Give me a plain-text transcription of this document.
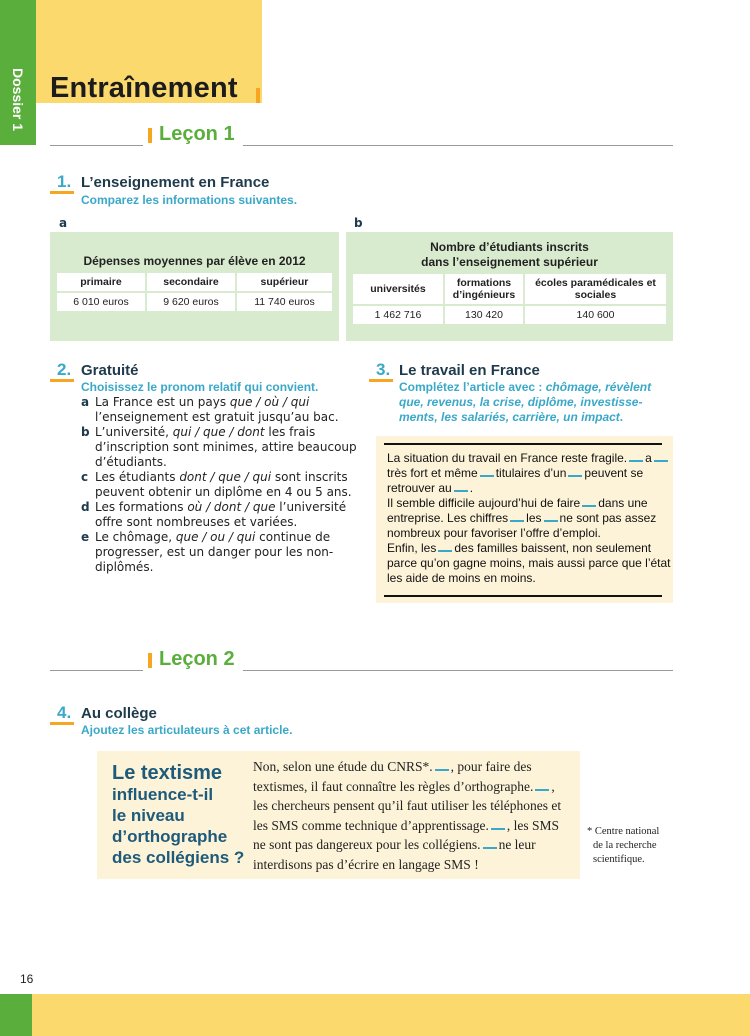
Dossier 1 Entraînement
Leçon 1
1. L’enseignement en France
Comparez les informations suivantes.
a	b
Dépenses moyennes par élève en 2012
primaire	secondaire	supérieur
6 010 euros	9 620 euros	11 740 euros
Nombre d’étudiants inscrits
dans l’enseignement supérieur
universités	formations d’ingénieurs	écoles paramédicales et sociales
1 462 716	130 420	140 600
2. Gratuité
Choisissez le pronom relatif qui convient.
a La France est un pays que / où / qui
l’enseignement est gratuit jusqu’au bac.
b L’université, qui / que / dont les frais
d’inscription sont minimes, attire beaucoup
d’étudiants.
c Les étudiants dont / que / qui sont inscrits
peuvent obtenir un diplôme en 4 ou 5 ans.
d Les formations où / dont / que l’université
offre sont nombreuses et variées.
e Le chômage, que / ou / qui continue de
progresser, est un danger pour les non-
diplômés.
3. Le travail en France
Complétez l’article avec : chômage, révèlent
que, revenus, la crise, diplôme, investisse-
ments, les salariés, carrière, un impact.
La situation du travail en France reste fragile. a
très fort et même titulaires d’un peuvent se
retrouver au .
Il semble difficile aujourd’hui de faire dans une
entreprise. Les chiffres les ne sont pas assez
nombreux pour favoriser l’offre d’emploi.
Enfin, les des familles baissent, non seulement
parce qu’on gagne moins, mais aussi parce que l’état
les aide de moins en moins.
Leçon 2
4. Au collège
Ajoutez les articulateurs à cet article.
Le textisme
influence-t-il
le niveau
d’orthographe
des collégiens ?
Non, selon une étude du CNRS*. , pour faire des
textismes, il faut connaître les règles d’orthographe. ,
les chercheurs pensent qu’il faut utiliser les téléphones et
les SMS comme technique d’apprentissage. , les SMS
ne sont pas dangereux pour les collégiens. ne leur
interdisons pas d’écrire en langage SMS !
* Centre national
de la recherche
scientifique.
16
